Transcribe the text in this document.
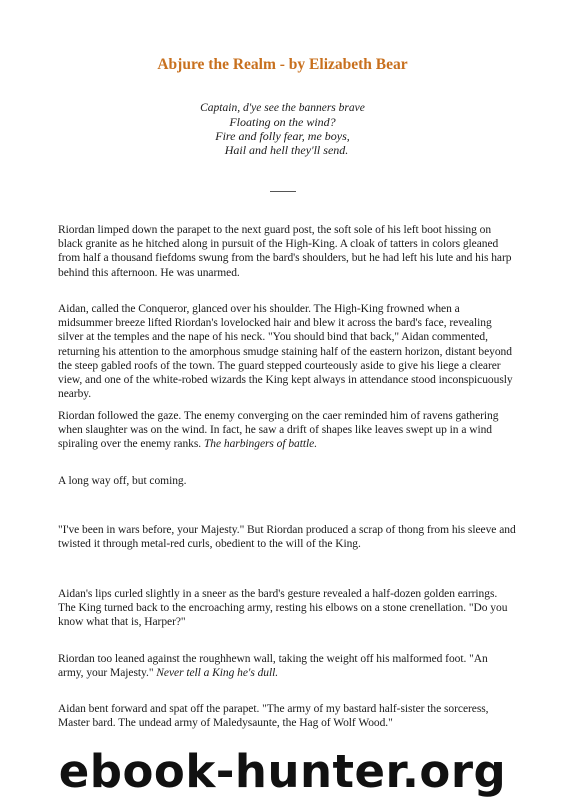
Abjure the Realm - by Elizabeth Bear
Captain, d'ye see the banners brave
Floating on the wind?
Fire and folly fear, me boys,
Hail and hell they'll send.

Riordan limped down the parapet to the next guard post, the soft sole of his left boot hissing on black granite as he hitched along in pursuit of the High-King. A cloak of tatters in colors gleaned from half a thousand fiefdoms swung from the bard's shoulders, but he had left his lute and his harp behind this afternoon. He was unarmed.

Aidan, called the Conqueror, glanced over his shoulder. The High-King frowned when a midsummer breeze lifted Riordan's lovelocked hair and blew it across the bard's face, revealing silver at the temples and the nape of his neck. "You should bind that back," Aidan commented, returning his attention to the amorphous smudge staining half of the eastern horizon, distant beyond the steep gabled roofs of the town. The guard stepped courteously aside to give his liege a clearer view, and one of the white-robed wizards the King kept always in attendance stood inconspicuously nearby.

Riordan followed the gaze. The enemy converging on the caer reminded him of ravens gathering when slaughter was on the wind. In fact, he saw a drift of shapes like leaves swept up in a wind spiraling over the enemy ranks. The harbingers of battle.

A long way off, but coming.

"I've been in wars before, your Majesty." But Riordan produced a scrap of thong from his sleeve and twisted it through metal-red curls, obedient to the will of the King.

Aidan's lips curled slightly in a sneer as the bard's gesture revealed a half-dozen golden earrings. The King turned back to the encroaching army, resting his elbows on a stone crenellation. "Do you know what that is, Harper?"

Riordan too leaned against the roughhewn wall, taking the weight off his malformed foot. "An army, your Majesty." Never tell a King he's dull.

Aidan bent forward and spat off the parapet. "The army of my bastard half-sister the sorceress, Master bard. The undead army of Maledysaunte, the Hag of Wolf Wood."

ebook-hunter.org
